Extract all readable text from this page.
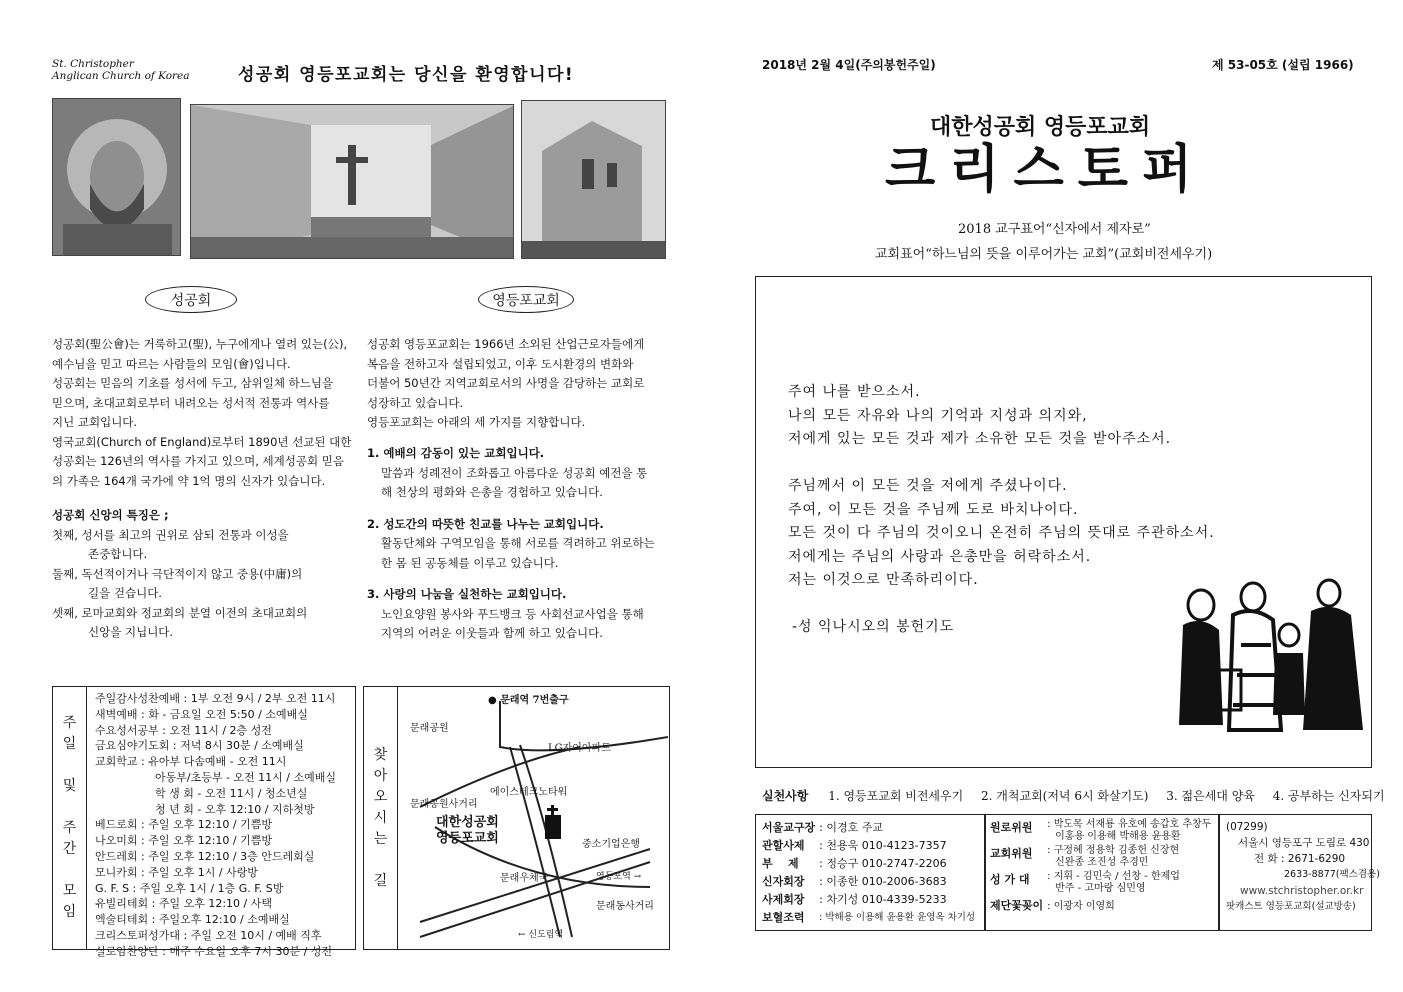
St. Christopher
Anglican Church of Korea	성공회 영등포교회는 당신을 환영합니다!
성공회	영등포교회

성공회(聖公會)는 거룩하고(聖), 누구에게나 열려 있는(公),

예수님을 믿고 따르는 사람들의 모임(會)입니다.

성공회는 믿음의 기초를 성서에 두고, 삼위일체 하느님을

믿으며, 초대교회로부터 내려오는 성서적 전통과 역사를

지닌 교회입니다.

영국교회(Church of England)로부터 1890년 선교된 대한

성공회는 126년의 역사를 가지고 있으며, 세계성공회 믿음

의 가족은 164개 국가에 약 1억 명의 신자가 있습니다.

성공회 신앙의 특징은 ;

첫째, 성서를 최고의 권위로 삼되 전통과 이성을

존중합니다.

둘째, 독선적이거나 극단적이지 않고 중용(中庸)의

길을 걷습니다.

셋째, 로마교회와 정교회의 분열 이전의 초대교회의

신앙을 지닙니다.

성공회 영등포교회는 1966년 소외된 산업근로자들에게

복음을 전하고자 설립되었고, 이후 도시환경의 변화와

더불어 50년간 지역교회로서의 사명을 감당하는 교회로

성장하고 있습니다.

영등포교회는 아래의 세 가지를 지향합니다.

1. 예배의 감동이 있는 교회입니다.

말씀과 성례전이 조화롭고 아름다운 성공회 예전을 통

해 천상의 평화와 은총을 경험하고 있습니다.

2. 성도간의 따뜻한 친교를 나누는 교회입니다.

활동단체와 구역모임을 통해 서로를 격려하고 위로하는

한 몸 된 공동체를 이루고 있습니다.

3. 사랑의 나눔을 실천하는 교회입니다.

노인요양원 봉사와 푸드뱅크 등 사회선교사업을 통해

지역의 어려운 이웃들과 함께 하고 있습니다.

주
일

및

주
간

모
임
주일감사성찬예배 : 1부 오전 9시 / 2부 오전 11시
새벽예배 : 화 - 금요일 오전 5:50 / 소예배실
수요성서공부 : 오전 11시 / 2층 성전
금요심야기도회 : 저녁 8시 30분 / 소예배실
교회학교 : 유아부 다솜예배 - 오전 11시
아동부/초등부 - 오전 11시 / 소예배실
학 생 회 - 오전 11시 / 청소년실
청 년 회 - 오후 12:10 / 지하첫방
베드로회 : 주일 오후 12:10 / 기쁨방
나오미회 : 주일 오후 12:10 / 기쁨방
안드레회 : 주일 오후 12:10 / 3층 안드레회실
모니카회 : 주일 오후 1시 / 사랑방
G. F. S : 주일 오후 1시 / 1층 G. F. S방
유빌리테회 : 주일 오후 12:10 / 사택
엑술티테회 : 주일오후 12:10 / 소예배실
크리스토퍼성가대 : 주일 오전 10시 / 예배 직후
실로암찬양단 : 매주 수요일 오후 7시 30분 / 성전
찾
아
오
시
는

길
● 문래역 7번출구
문래공원
LG자이아파트
에이스테크노타워
문래공원사거리
대한성공회
영등포교회	중소기업은행
문래우체국
문래동사거리
← 신도림역
영등포역 →
2018년 2월 4일(주의봉헌주일)	제 53-05호 (설립 1966)
대한성공회 영등포교회
크리스토퍼
2018 교구표어“신자에서 제자로”
교회표어“하느님의 뜻을 이루어가는 교회”(교회비전세우기)

주여 나를 받으소서.

나의 모든 자유와 나의 기억과 지성과 의지와,

저에게 있는 모든 것과 제가 소유한 모든 것을 받아주소서.

주님께서 이 모든 것을 저에게 주셨나이다.

주여, 이 모든 것을 주님께 도로 바치나이다.

모든 것이 다 주님의 것이오니 온전히 주님의 뜻대로 주관하소서.

저에게는 주님의 사랑과 은총만을 허락하소서.

저는 이것으로 만족하리이다.

-성 익나시오의 봉헌기도

실천사항 1. 영등포교회 비전세우기 2. 개척교회(저녁 6시 화살기도) 3. 젊은세대 양육 4. 공부하는 신자되기
서울교구장	: 이경호 주교
관할사제	: 천용욱 010-4123-7357
부    제	: 정승구 010-2747-2206
신자회장	: 이종한 010-2006-3683
사제회장	: 차기성 010-4339-5233
보혈조력	: 박해용 이용해 윤용환 윤영옥 차기성
원로위원	: 박도목 서재룡 유호예 송갑호 추창두
이홍용 이용해 박해용 윤용환

교회위원	: 구정혜 정용학 김종헌 신장현
신완종 조진성 추경민

성 가 대	: 지휘 - 김민숙 / 선창 - 한제업
반주 - 고마랑 심민영

제단꽃꽂이	: 이광자 이영희
(07299)
서울시 영등포구 도림로 430
전 화 : 2671-6290
2633-8877(팩스겸용)
www.stchristopher.or.kr
팟캐스트 영등포교회(설교방송)
